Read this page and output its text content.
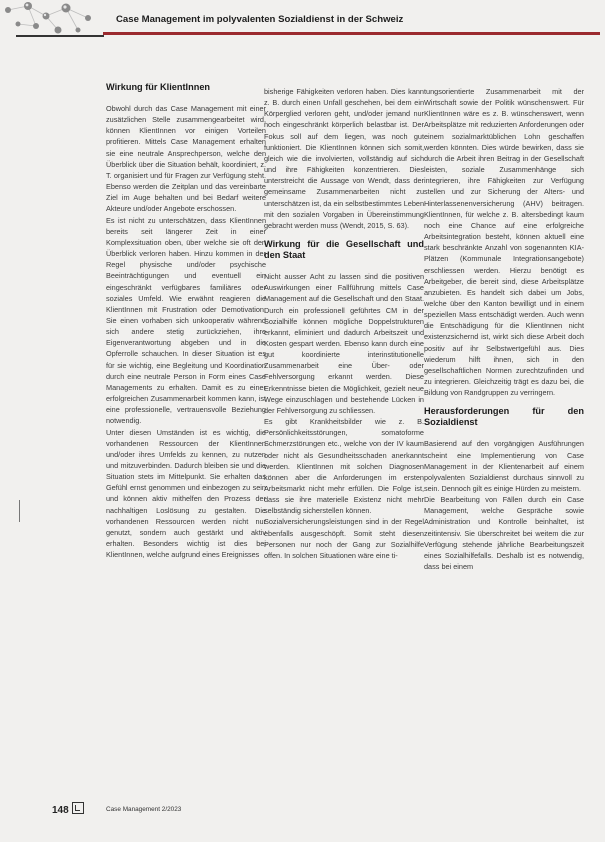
Case Management im polyvalenten Sozialdienst in der Schweiz
Wirkung für KlientInnen

Obwohl durch das Case Management mit einer zusätzlichen Stelle zusammengearbeitet wird, können KlientInnen vor einigen Vorteilen profitieren. Mittels Case Management erhalten sie eine neutrale Ansprechperson, welche den Überblick über die Situation behält, koordiniert, z. T. organisiert und für Fragen zur Verfügung steht. Ebenso werden die Zeitplan und das vereinbarte Ziel im Auge behalten und bei Bedarf weitere Akteure und/oder Angebote erschossen.

Es ist nicht zu unterschätzen, dass KlientInnen bereits seit längerer Zeit in einer Komplexsituation oben, über welche sie oft den Überblick verloren haben. Hinzu kommen in der Regel physische und/oder psychische Beeinträchtigungen und eventuell ein eingeschränkt verfügbares familiäres oder soziales Umfeld. Wie erwähnt reagieren die KlientInnen mit Frustration oder Demotivation. Sie einen vorhaben sich unkooperativ während sich andere stetig zurückziehen, ihre Eigenverantwortung abgeben und in die Opferrolle schauchen. In dieser Situation ist es für sie wichtig, eine Begleitung und Koordination durch eine neutrale Person in Form eines Case Managements zu erhalten. Damit es zu einer erfolgreichen Zusammenarbeit kommen kann, ist eine professionelle, vertrauensvolle Beziehung notwendig.

Unter diesen Umständen ist es wichtig, die vorhandenen Ressourcen der KlientInnen und/oder ihres Umfelds zu kennen, zu nutzen und mitzuverbinden. Dadurch bleiben sie und die Situation stets im Mittelpunkt. Sie erhalten das Gefühl ernst genommen und einbezogen zu sein und können aktiv mithelfen den Prozess der nachhaltigen Loslösung zu gestalten. Die vorhandenen Ressourcen werden nicht nur genutzt, sondern auch gestärkt und aktiv erhalten. Besonders wichtig ist dies bei KlientInnen, welche aufgrund eines Ereignisses

bisherige Fähigkeiten verloren haben. Dies kann z. B. durch einen Unfall geschehen, bei dem ein Körperglied verloren geht, und/oder jemand nur noch eingeschränkt körperlich belastbar ist. Der Fokus soll auf dem liegen, was noch gut funktioniert. Die KlientInnen können sich somit, gleich wie die involvierten, vollständig auf sich und ihre Fähigkeiten konzentrieren. Dies unterstreicht die Aussage von Wendt, dass der gemeinsame Zusammenarbeiten nicht zu unterschätzen ist, da ein selbstbestimmtes Leben mit den sozialen Vorgaben in Übereinstimmung gebracht werden muss (Wendt, 2015, S. 63).

Wirkung für die Gesellschaft und den Staat

Nicht ausser Acht zu lassen sind die positiven Auswirkungen einer Fallführung mittels Case Management auf die Gesellschaft und den Staat. Durch ein professionell geführtes CM in der Sozialhilfe können mögliche Doppelstrukturen erkannt, eliminiert und dadurch Arbeitszeit und Kosten gespart werden. Ebenso kann durch eine gut koordinierte interinstitutionelle Zusammenarbeit eine Über- oder Fehlversorgung erkannt werden. Diese Erkenntnisse bieten die Möglichkeit, gezielt neue Wege einzuschlagen und bestehende Lücken in der Fehlversorgung zu schliessen.

Es gibt Krankheitsbilder wie z. B. Persönlichkeitsstörungen, somatoforme Schmerzstörungen etc., welche von der IV kaum oder nicht als Gesundheitsschaden anerkannt werden. KlientInnen mit solchen Diagnosen können aber die Anforderungen im ersten Arbeitsmarkt nicht mehr erfüllen. Die Folge ist, dass sie ihre materielle Existenz nicht mehr selbständig sicherstellen können.

Sozialversicherungsleistungen sind in der Regel ebenfalls ausgeschöpft. Somit steht diesen Personen nur noch der Gang zur Sozialhilfe offen. In solchen Situationen wäre eine ti-

tungsorientierte Zusammenarbeit mit der Wirtschaft sowie der Politik wünschenswert. Für KlientInnen wäre es z. B. wünschenswert, wenn Arbeitsplätze mit reduzierten Anforderungen oder einem sozialmarktüblichen Lohn geschaffen werden könnten. Dies würde bewirken, dass sie durch die Arbeit ihren Beitrag in der Gesellschaft leisten, soziale Zusammenhänge sich integrieren, ihre Fähigkeiten zur Verfügung stellen und zur Sicherung der Alters- und Hinterlassenenversicherung (AHV) beitragen. KlientInnen, für welche z. B. altersbedingt kaum noch eine Chance auf eine erfolgreiche Arbeitsintegration besteht, können aktuell eine stark beschränkte Anzahl von sogenannten KIA-Plätzen (Kommunale Integrationsangebote) erschliessen werden. Hierzu benötigt es Arbeitgeber, die bereit sind, diese Arbeitsplätze anzubieten. Es handelt sich dabei um Jobs, welche über den Kanton bewilligt und in einem speziellen Mass entschädigt werden. Auch wenn die Entschädigung für die KlientInnen nicht existenzsichernd ist, wirkt sich diese Arbeit doch positiv auf ihr Selbstwertgefühl aus. Dies wiederum hilft ihnen, sich in den gesellschaftlichen Normen zurechtzufinden und zu integrieren. Gleichzeitig trägt es dazu bei, die Bildung von Randgruppen zu verringern.

Herausforderungen für den Sozialdienst

Basierend auf den vorgängigen Ausführungen scheint eine Implementierung von Case Management in der Klientenarbeit auf einem polyvalenten Sozialdienst durchaus sinnvoll zu sein. Dennoch gilt es einige Hürden zu meistern.

Die Bearbeitung von Fällen durch ein Case Management, welche Gespräche sowie Administration und Kontrolle beinhaltet, ist zeitintensiv. Sie überschreitet bei weitem die zur Verfügung stehende jährliche Bearbeitungszeit eines Sozialhilfefalls. Deshalb ist es notwendig, dass bei einem

148	Case Management 2/2023
